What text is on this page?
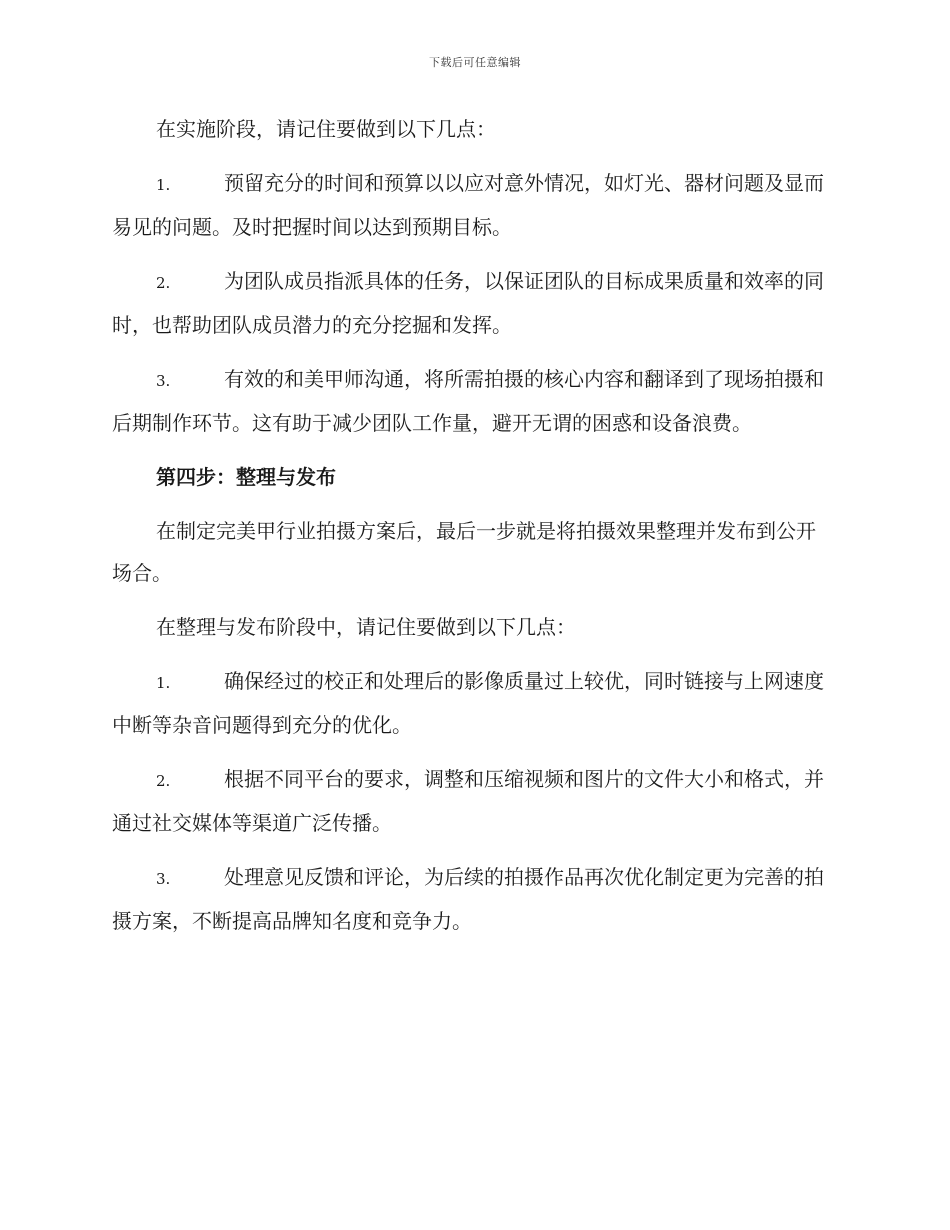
下载后可任意编辑

在实施阶段，请记住要做到以下几点：

1.	预留充分的时间和预算以以应对意外情况，如灯光、器材问题及显而易见的问题。及时把握时间以达到预期目标。

2.	为团队成员指派具体的任务，以保证团队的目标成果质量和效率的同时，也帮助团队成员潜力的充分挖掘和发挥。

3.	有效的和美甲师沟通，将所需拍摄的核心内容和翻译到了现场拍摄和后期制作环节。这有助于减少团队工作量，避开无谓的困惑和设备浪费。

第四步：整理与发布

在制定完美甲行业拍摄方案后，最后一步就是将拍摄效果整理并发布到公开场合。

在整理与发布阶段中，请记住要做到以下几点：

1.	确保经过的校正和处理后的影像质量过上较优，同时链接与上网速度中断等杂音问题得到充分的优化。

2.	根据不同平台的要求，调整和压缩视频和图片的文件大小和格式，并通过社交媒体等渠道广泛传播。

3.	处理意见反馈和评论，为后续的拍摄作品再次优化制定更为完善的拍摄方案，不断提高品牌知名度和竞争力。
